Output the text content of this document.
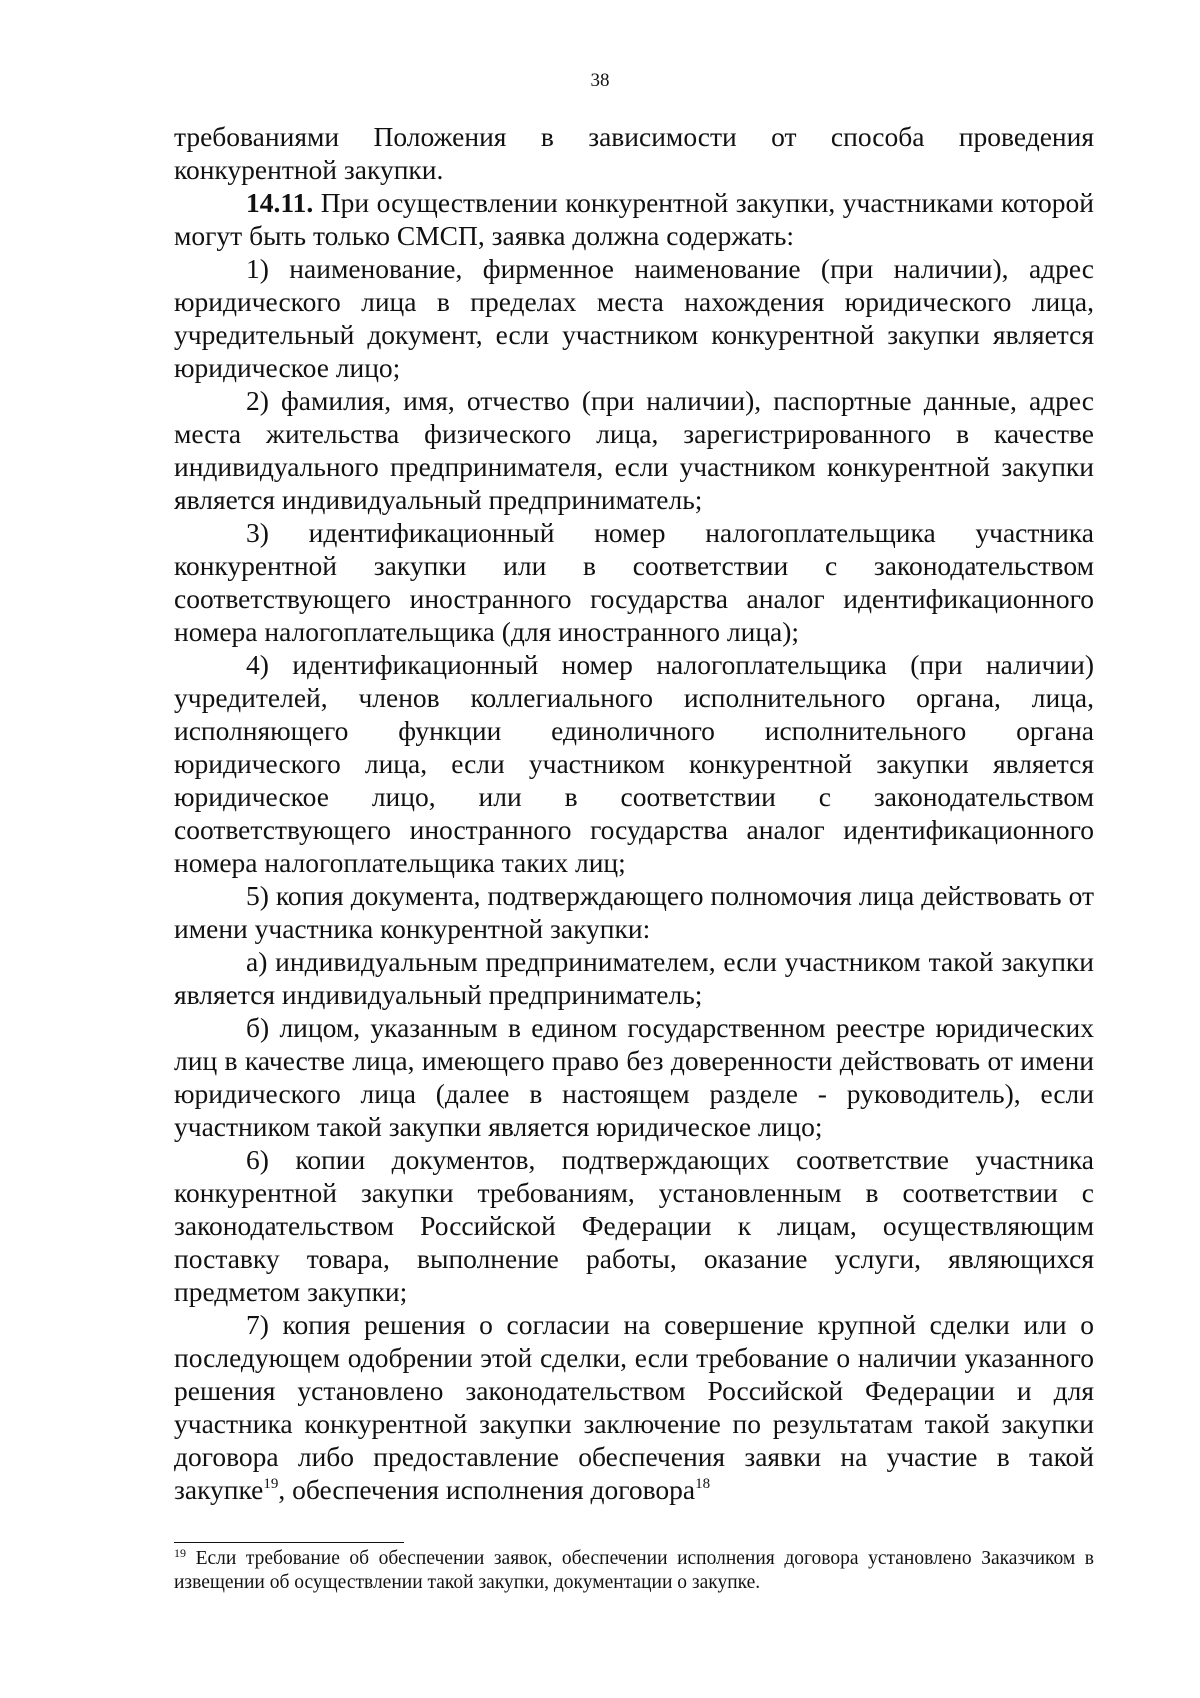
38

требованиями Положения в зависимости от способа проведения конкурентной закупки.

14.11. При осуществлении конкурентной закупки, участниками которой могут быть только СМСП, заявка должна содержать:

1) наименование, фирменное наименование (при наличии), адрес юридического лица в пределах места нахождения юридического лица, учредительный документ, если участником конкурентной закупки является юридическое лицо;

2) фамилия, имя, отчество (при наличии), паспортные данные, адрес места жительства физического лица, зарегистрированного в качестве индивидуального предпринимателя, если участником конкурентной закупки является индивидуальный предприниматель;

3) идентификационный номер налогоплательщика участника конкурентной закупки или в соответствии с законодательством соответствующего иностранного государства аналог идентификационного номера налогоплательщика (для иностранного лица);

4) идентификационный номер налогоплательщика (при наличии) учредителей, членов коллегиального исполнительного органа, лица, исполняющего функции единоличного исполнительного органа юридического лица, если участником конкурентной закупки является юридическое лицо, или в соответствии с законодательством соответствующего иностранного государства аналог идентификационного номера налогоплательщика таких лиц;

5) копия документа, подтверждающего полномочия лица действовать от имени участника конкурентной закупки:

а) индивидуальным предпринимателем, если участником такой закупки является индивидуальный предприниматель;

б) лицом, указанным в едином государственном реестре юридических лиц в качестве лица, имеющего право без доверенности действовать от имени юридического лица (далее в настоящем разделе - руководитель), если участником такой закупки является юридическое лицо;

6) копии документов, подтверждающих соответствие участника конкурентной закупки требованиям, установленным в соответствии с законодательством Российской Федерации к лицам, осуществляющим поставку товара, выполнение работы, оказание услуги, являющихся предметом закупки;

7) копия решения о согласии на совершение крупной сделки или о последующем одобрении этой сделки, если требование о наличии указанного решения установлено законодательством Российской Федерации и для участника конкурентной закупки заключение по результатам такой закупки договора либо предоставление обеспечения заявки на участие в такой закупке$^{19}$, обеспечения исполнения договора$^{18}$

$^{19}$ Если требование об обеспечении заявок, обеспечении исполнения договора установлено Заказчиком в извещении об осуществлении такой закупки, документации о закупке.
